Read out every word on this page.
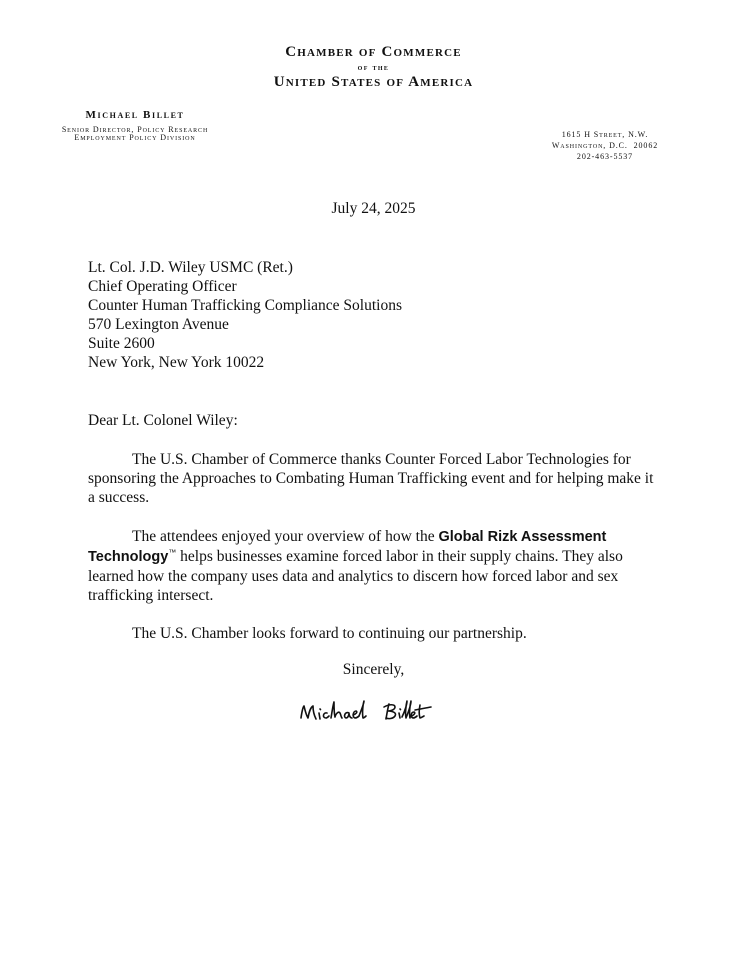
Chamber of Commerce
of the
United States of America
Michael Billet
Senior Director, Policy Research
Employment Policy Division	1615 H Street, N.W.
Washington, D.C.  20062
202-463-5537
July 24, 2025
Lt. Col. J.D. Wiley USMC (Ret.)
Chief Operating Officer
Counter Human Trafficking Compliance Solutions
570 Lexington Avenue
Suite 2600
New York, New York 10022
Dear Lt. Colonel Wiley:

The U.S. Chamber of Commerce thanks Counter Forced Labor Technologies for sponsoring the Approaches to Combating Human Trafficking event and for helping make it a success.

The attendees enjoyed your overview of how the Global Rizk Assessment Technology™ helps businesses examine forced labor in their supply chains. They also learned how the company uses data and analytics to discern how forced labor and sex trafficking intersect.

The U.S. Chamber looks forward to continuing our partnership.

Sincerely,
